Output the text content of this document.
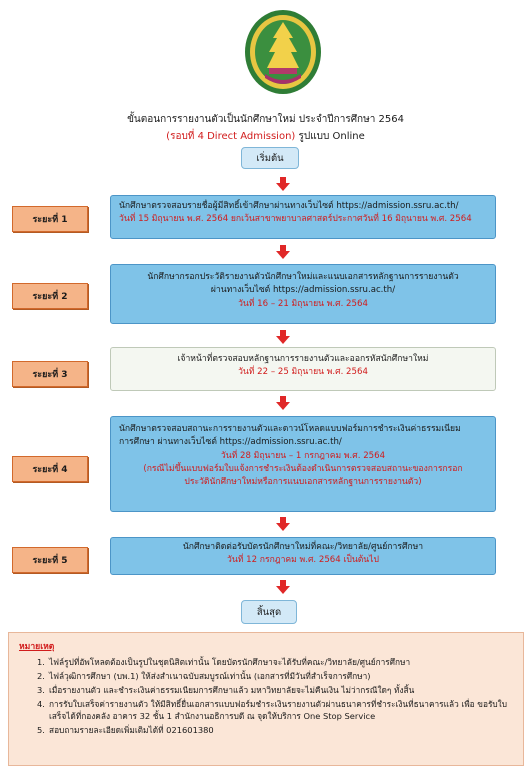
ขั้นตอนการรายงานตัวเป็นนักศึกษาใหม่ ประจำปีการศึกษา 2564
(รอบที่ 4 Direct Admission) รูปแบบ Online
เริ่มต้น
ระยะที่ 1
นักศึกษาตรวจสอบรายชื่อผู้มีสิทธิ์เข้าศึกษาผ่านทางเว็บไซต์ https://admission.ssru.ac.th/
วันที่ 15 มิถุนายน พ.ศ. 2564 ยกเว้นสาขาพยาบาลศาสตร์ประกาศวันที่ 16 มิถุนายน พ.ศ. 2564
ระยะที่ 2
นักศึกษากรอกประวัติรายงานตัวนักศึกษาใหม่และแนบเอกสารหลักฐานการรายงานตัว
ผ่านทางเว็บไซต์ https://admission.ssru.ac.th/
วันที่ 16 – 21 มิถุนายน พ.ศ. 2564
ระยะที่ 3
เจ้าหน้าที่ตรวจสอบหลักฐานการรายงานตัวและออกรหัสนักศึกษาใหม่
วันที่ 22 – 25 มิถุนายน พ.ศ. 2564
ระยะที่ 4
นักศึกษาตรวจสอบสถานะการรายงานตัวและดาวน์โหลดแบบฟอร์มการชำระเงินค่าธรรมเนียม
การศึกษา ผ่านทางเว็บไซต์ https://admission.ssru.ac.th/
วันที่ 28 มิถุนายน – 1 กรกฎาคม พ.ศ. 2564
(กรณีไม่ขึ้นแบบฟอร์มใบแจ้งการชำระเงินต้องดำเนินการตรวจสอบสถานะของการกรอก
ประวัตินักศึกษาใหม่หรือการแนบเอกสารหลักฐานการรายงานตัว)
ระยะที่ 5
นักศึกษาติดต่อรับบัตรนักศึกษาใหม่ที่คณะ/วิทยาลัย/ศูนย์การศึกษา
วันที่ 12 กรกฎาคม พ.ศ. 2564 เป็นต้นไป
สิ้นสุด
หมายเหตุ
1. ไฟล์รูปที่อัพโหลดต้องเป็นรูปในชุดนิสิตเท่านั้น โดยบัตรนักศึกษาจะได้รับที่คณะ/วิทยาลัย/ศูนย์การศึกษา
2. ไฟล์วุฒิการศึกษา (บพ.1) ให้ส่งสำเนาฉบับสมบูรณ์เท่านั้น (เอกสารที่มีวันที่สำเร็จการศึกษา)
3. เมื่อรายงานตัว และชำระเงินค่าธรรมเนียมการศึกษาแล้ว มหาวิทยาลัยจะไม่คืนเงิน ไม่ว่ากรณีใดๆ ทั้งสิ้น
4. การรับใบเสร็จค่ารายงานตัว ให้มีสิทธิ์ยื่นเอกสารแบบฟอร์มชำระเงินรายงานตัวผ่านธนาคารที่ชำระเงินที่ธนาคารแล้ว เพื่อ ขอรับใบเสร็จได้ที่กองคลัง อาคาร 32 ชั้น 1 สำนักงานอธิการบดี ณ จุดให้บริการ One Stop Service
5. สอบถามรายละเอียดเพิ่มเติมได้ที่ 021601380
